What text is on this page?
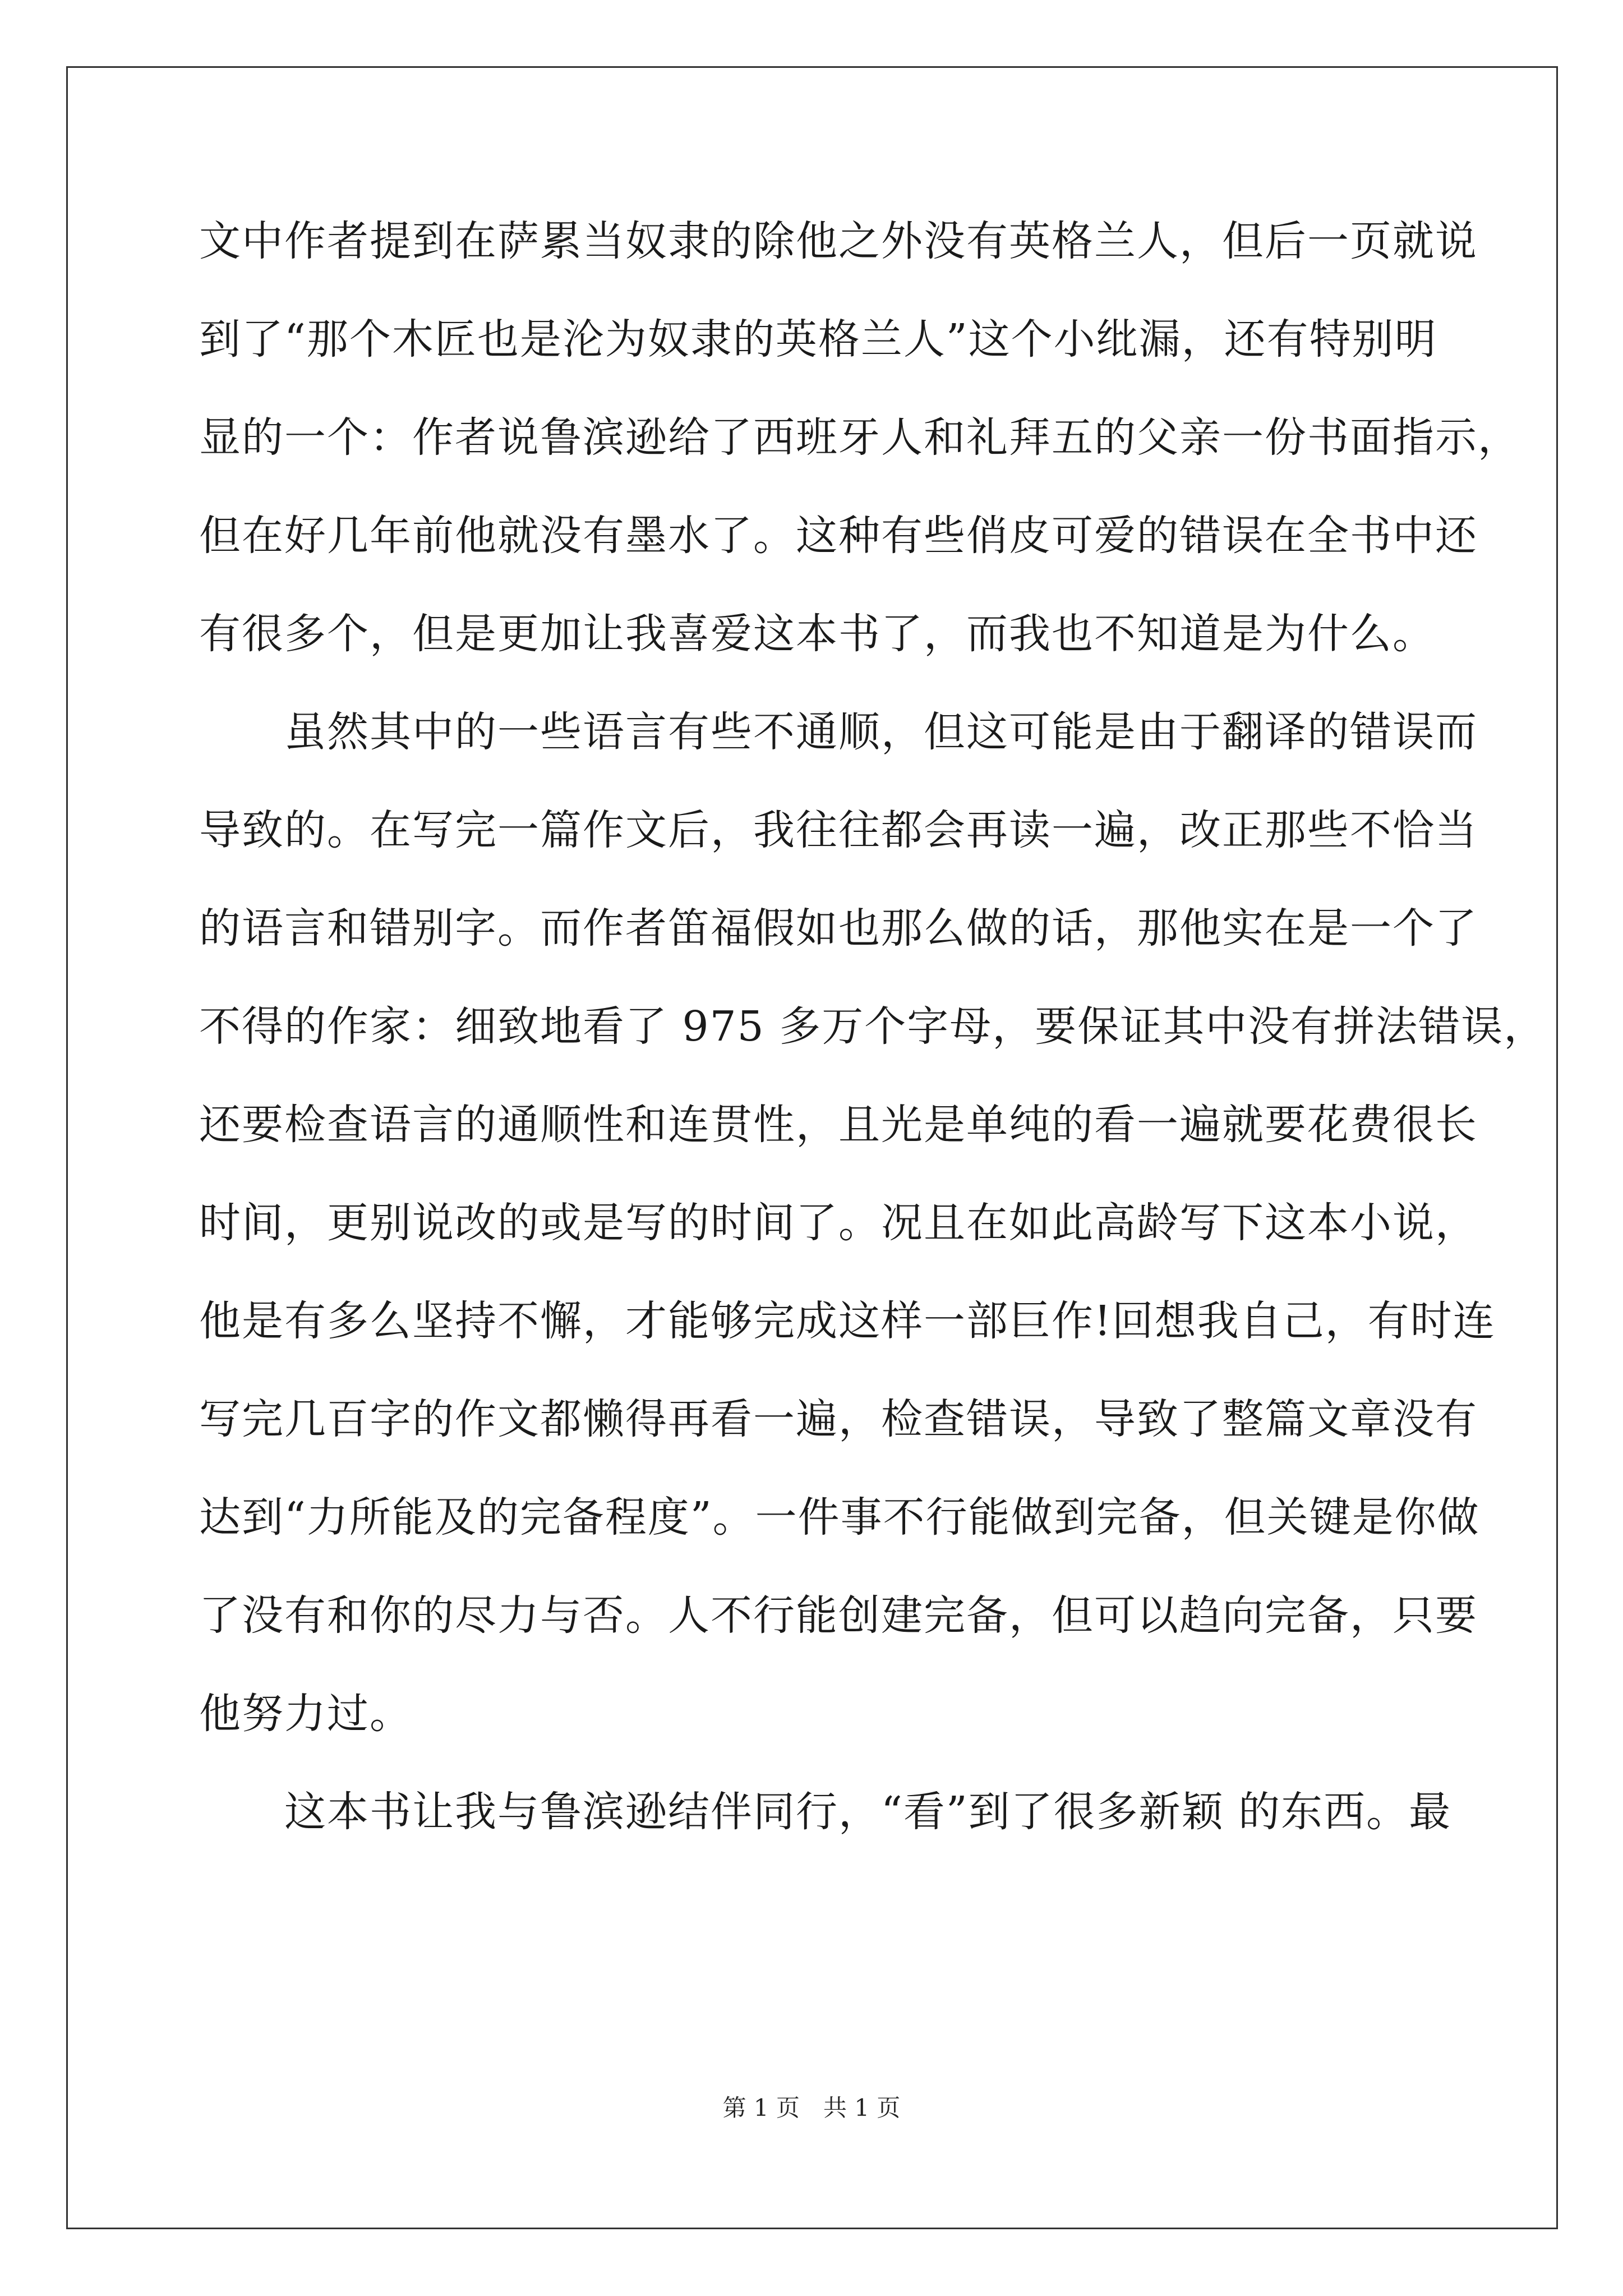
文中作者提到在萨累当奴隶的除他之外没有英格兰人，但后一页就说
到了“那个木匠也是沦为奴隶的英格兰人”这个小纰漏，还有特别明
显的一个：作者说鲁滨逊给了西班牙人和礼拜五的父亲一份书面指示，
但在好几年前他就没有墨水了。这种有些俏皮可爱的错误在全书中还
有很多个，但是更加让我喜爱这本书了，而我也不知道是为什么。
　　虽然其中的一些语言有些不通顺，但这可能是由于翻译的错误而
导致的。在写完一篇作文后，我往往都会再读一遍，改正那些不恰当
的语言和错别字。而作者笛福假如也那么做的话，那他实在是一个了
不得的作家：细致地看了 975 多万个字母，要保证其中没有拼法错误，
还要检查语言的通顺性和连贯性，且光是单纯的看一遍就要花费很长
时间，更别说改的或是写的时间了。况且在如此高龄写下这本小说，
他是有多么坚持不懈，才能够完成这样一部巨作!回想我自己，有时连
写完几百字的作文都懒得再看一遍，检查错误，导致了整篇文章没有
达到“力所能及的完备程度”。一件事不行能做到完备，但关键是你做
了没有和你的尽力与否。人不行能创建完备，但可以趋向完备，只要
他努力过。
　　这本书让我与鲁滨逊结伴同行，“看”到了很多新颖 的东西。最
第 1 页　共 1 页
